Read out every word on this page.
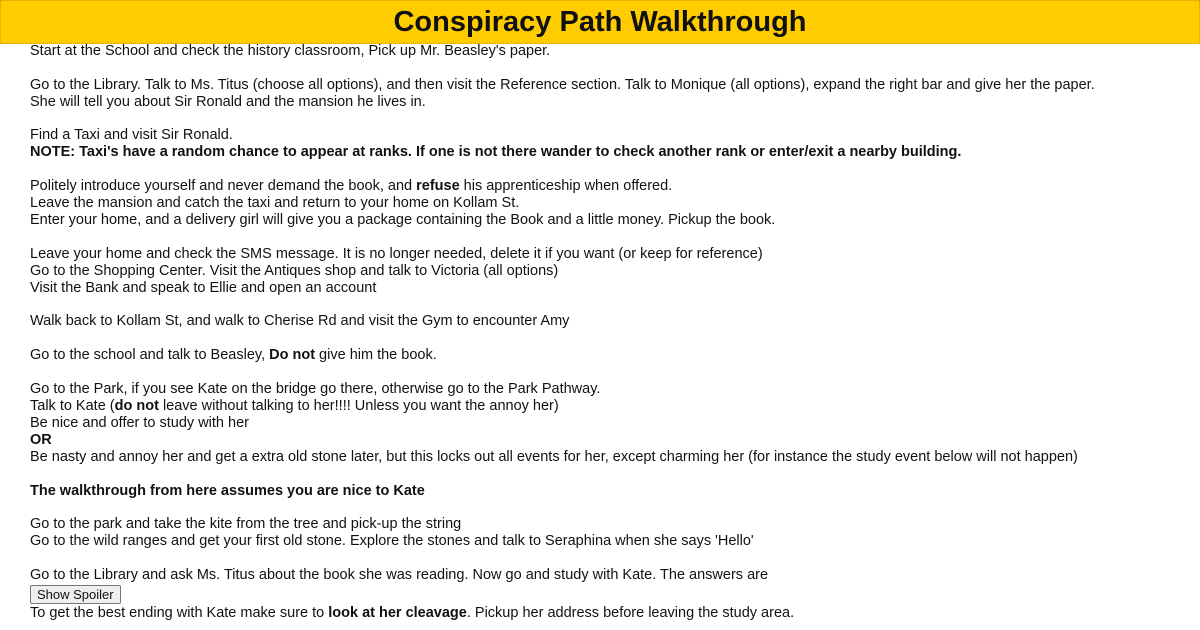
Conspiracy Path Walkthrough
Start at the School and check the history classroom, Pick up Mr. Beasley's paper.
Go to the Library. Talk to Ms. Titus (choose all options), and then visit the Reference section. Talk to Monique (all options), expand the right bar and give her the paper.
She will tell you about Sir Ronald and the mansion he lives in.
Find a Taxi and visit Sir Ronald.
NOTE: Taxi's have a random chance to appear at ranks. If one is not there wander to check another rank or enter/exit a nearby building.
Politely introduce yourself and never demand the book, and refuse his apprenticeship when offered.
Leave the mansion and catch the taxi and return to your home on Kollam St.
Enter your home, and a delivery girl will give you a package containing the Book and a little money. Pickup the book.
Leave your home and check the SMS message. It is no longer needed, delete it if you want (or keep for reference)
Go to the Shopping Center. Visit the Antiques shop and talk to Victoria (all options)
Visit the Bank and speak to Ellie and open an account
Walk back to Kollam St, and walk to Cherise Rd and visit the Gym to encounter Amy
Go to the school and talk to Beasley, Do not give him the book.
Go to the Park, if you see Kate on the bridge go there, otherwise go to the Park Pathway.
Talk to Kate (do not leave without talking to her!!!! Unless you want the annoy her)
Be nice and offer to study with her
OR
Be nasty and annoy her and get a extra old stone later, but this locks out all events for her, except charming her (for instance the study event below will not happen)
The walkthrough from here assumes you are nice to Kate
Go to the park and take the kite from the tree and pick-up the string
Go to the wild ranges and get your first old stone. Explore the stones and talk to Seraphina when she says 'Hello'
Go to the Library and ask Ms. Titus about the book she was reading. Now go and study with Kate. The answers are
Show Spoiler
To get the best ending with Kate make sure to look at her cleavage. Pickup her address before leaving the study area.
